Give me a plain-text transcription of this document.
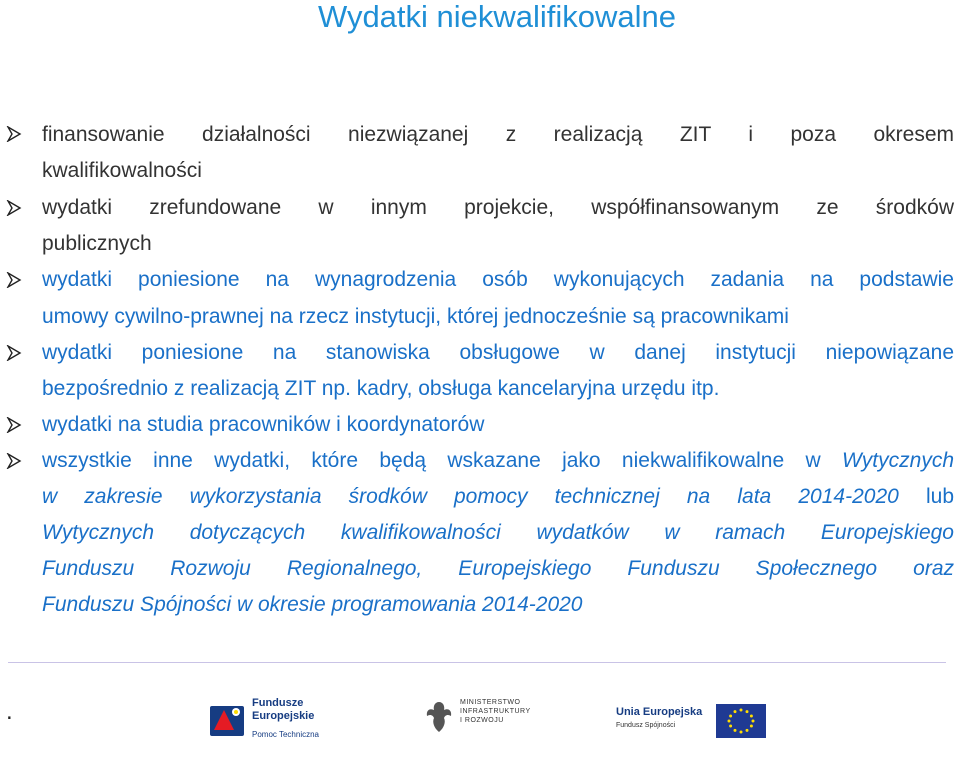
Wydatki niekwalifikowalne
finansowanie działalności niezwiązanej z realizacją ZIT i poza okresem
kwalifikowalności
wydatki zrefundowane w innym projekcie, współfinansowanym ze środków
publicznych
wydatki poniesione na wynagrodzenia osób wykonujących zadania na podstawie
umowy cywilno-prawnej na rzecz instytucji, której jednocześnie są pracownikami
wydatki poniesione na stanowiska obsługowe w danej instytucji niepowiązane
bezpośrednio z realizacją ZIT np. kadry, obsługa kancelaryjna urzędu itp.
wydatki na studia pracowników i koordynatorów
wszystkie inne wydatki, które będą wskazane jako niekwalifikowalne w Wytycznych
w zakresie wykorzystania środków pomocy technicznej na lata 2014-2020 lub
Wytycznych dotyczących kwalifikowalności wydatków w ramach Europejskiego
Funduszu Rozwoju Regionalnego, Europejskiego Funduszu Społecznego oraz
Funduszu Spójności w okresie programowania 2014-2020
.	Fundusze
Europejskie
Pomoc Techniczna
MINISTERSTWO
INFRASTRUKTURY
I ROZWOJU
Unia Europejska
Fundusz Spójności
